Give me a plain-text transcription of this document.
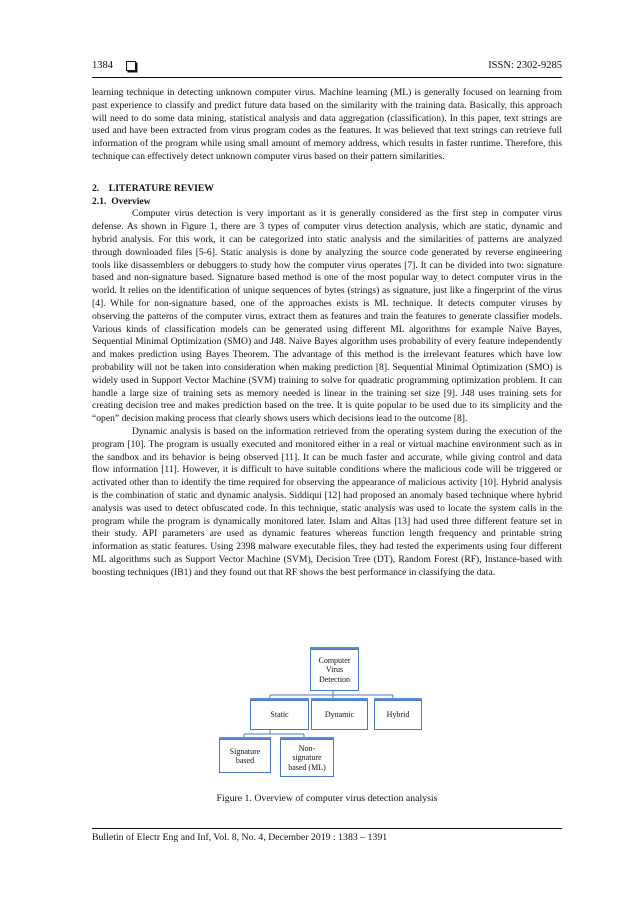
1384	ISSN: 2302-9285

learning technique in detecting unknown computer virus. Machine learning (ML) is generally focused on learning from past experience to classify and predict future data based on the similarity with the training data. Basically, this approach will need to do some data mining, statistical analysis and data aggregation (classification). In this paper, text strings are used and have been extracted from virus program codes as the features. It was believed that text strings can retrieve full information of the program while using small amount of memory address, which results in faster runtime. Therefore, this technique can effectively detect unknown computer virus based on their pattern similarities.

2.    LITERATURE REVIEW

2.1.  Overview

Computer virus detection is very important as it is generally considered as the first step in computer virus defense. As shown in Figure 1, there are 3 types of computer virus detection analysis, which are static, dynamic and hybrid analysis. For this work, it can be categorized into static analysis and the similarities of patterns are analyzed through downloaded files [5-6]. Static analysis is done by analyzing the source code generated by reverse engineering tools like disassemblers or debuggers to study how the computer virus operates [7]. It can be divided into two: signature based and non-signature based. Signature based method is one of the most popular way to detect computer virus in the world. It relies on the identification of unique sequences of bytes (strings) as signature, just like a fingerprint of the virus [4]. While for non-signature based, one of the approaches exists is ML technique. It detects computer viruses by observing the patterns of the computer virus, extract them as features and train the features to generate classifier models. Various kinds of classification models can be generated using different ML algorithms for example Naïve Bayes, Sequential Minimal Optimization (SMO) and J48. Naïve Bayes algorithm uses probability of every feature independently and makes prediction using Bayes Theorem. The advantage of this method is the irrelevant features which have low probability will not be taken into consideration when making prediction [8]. Sequential Minimal Optimization (SMO) is widely used in Support Vector Machine (SVM) training to solve for quadratic programming optimization problem. It can handle a large size of training sets as memory needed is linear in the training set size [9]. J48 uses training sets for creating decision tree and makes prediction based on the tree. It is quite popular to be used due to its simplicity and the “open” decision making process that clearly shows users which decisions lead to the outcome [8].

Dynamic analysis is based on the information retrieved from the operating system during the execution of the program [10]. The program is usually executed and monitored either in a real or virtual machine environment such as in the sandbox and its behavior is being observed [11]. It can be much faster and accurate, while giving control and data flow information [11]. However, it is difficult to have suitable conditions where the malicious code will be triggered or activated other than to identify the time required for observing the appearance of malicious activity [10]. Hybrid analysis is the combination of static and dynamic analysis. Siddiqui [12] had proposed an anomaly based technique where hybrid analysis was used to detect obfuscated code. In this technique, static analysis was used to locate the system calls in the program while the program is dynamically monitored later. Islam and Altas [13] had used three different feature set in their study. API parameters are used as dynamic features whereas function length frequency and printable string information as static features. Using 2398 malware executable files, they had tested the experiments using four different ML algorithms such as Support Vector Machine (SVM), Decision Tree (DT), Random Forest (RF), Instance-based with boosting techniques (IB1) and they found out that RF shows the best performance in classifying the data.

Computer
Virus
Detection
Static	Dynamic	Hybrid
Signature
based
Non-
signature
based (ML)
Figure 1. Overview of computer virus detection analysis
Bulletin of Electr Eng and Inf, Vol. 8, No. 4, December 2019 : 1383 – 1391
